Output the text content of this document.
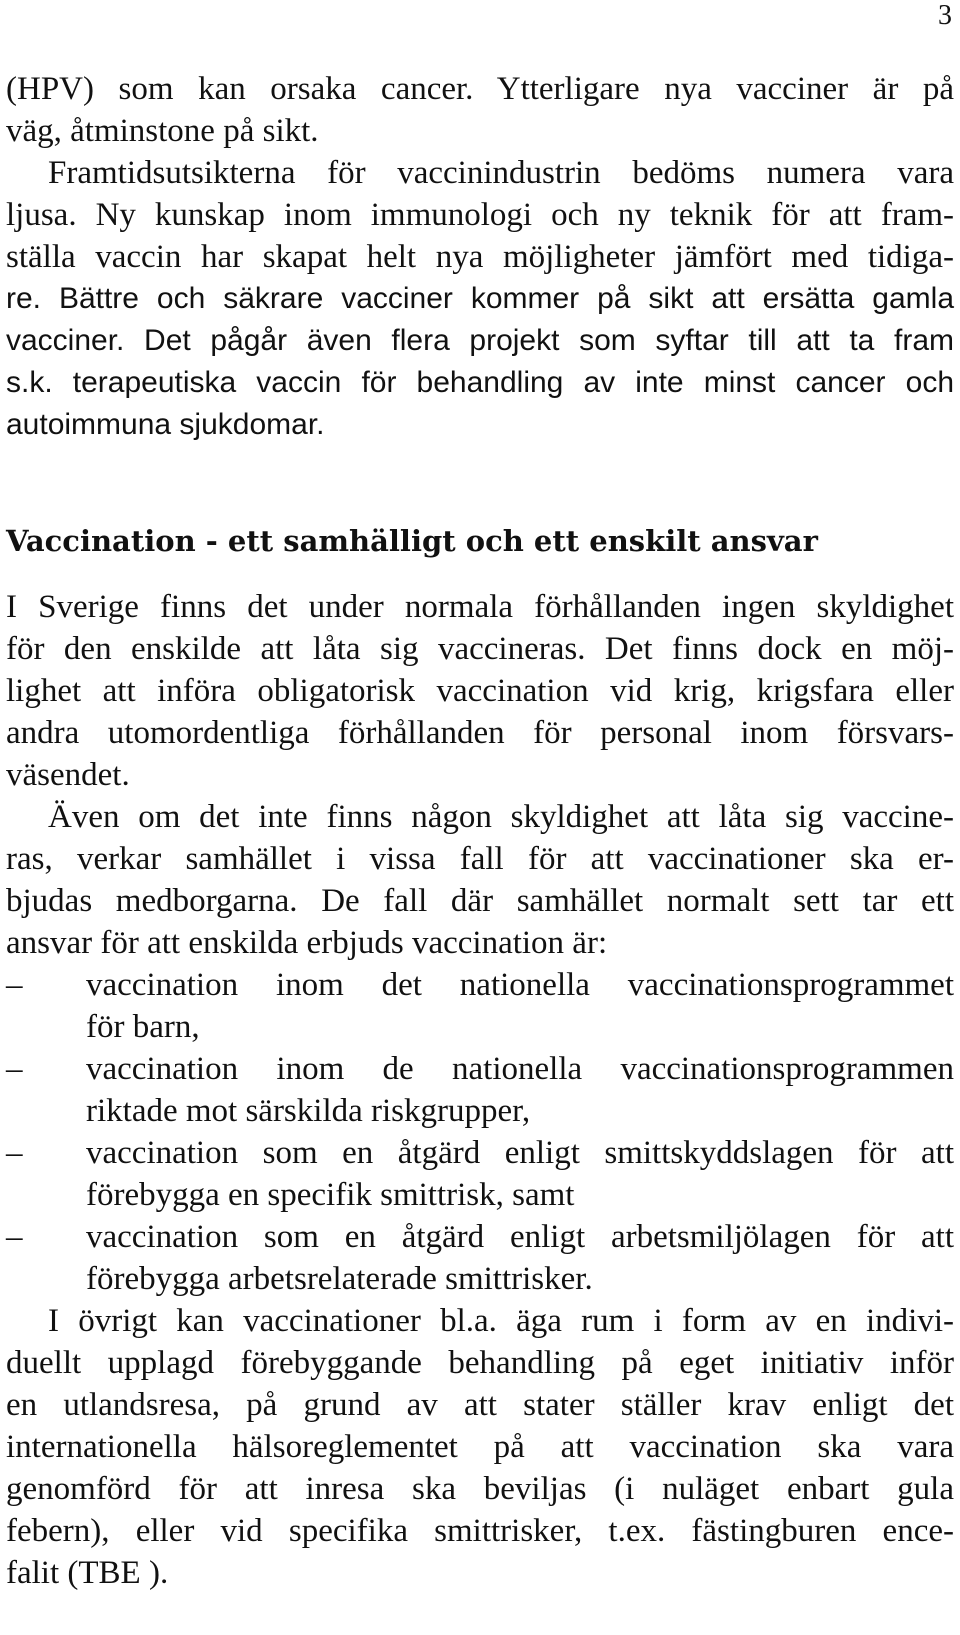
3
(HPV) som kan orsaka cancer. Ytterligare nya vacciner är på
väg, åtminstone på sikt.
Framtidsutsikterna för vaccinindustrin bedöms numera vara
ljusa. Ny kunskap inom immunologi och ny teknik för att fram-
ställa vaccin har skapat helt nya möjligheter jämfört med tidiga-
re. Bättre och säkrare vacciner kommer på sikt att ersätta gamla
vacciner. Det pågår även flera projekt som syftar till att ta fram
s.k. terapeutiska vaccin för behandling av inte minst cancer och
autoimmuna sjukdomar.
Vaccination - ett samhälligt och ett enskilt ansvar
I Sverige finns det under normala förhållanden ingen skyldighet
för den enskilde att låta sig vaccineras. Det finns dock en möj-
lighet att införa obligatorisk vaccination vid krig, krigsfara eller
andra utomordentliga förhållanden för personal inom försvars-
väsendet.
Även om det inte finns någon skyldighet att låta sig vaccine-
ras, verkar samhället i vissa fall för att vaccinationer ska er-
bjudas medborgarna. De fall där samhället normalt sett tar ett
ansvar för att enskilda erbjuds vaccination är:
– vaccination inom det nationella vaccinationsprogrammet
för barn,
– vaccination inom de nationella vaccinationsprogrammen
riktade mot särskilda riskgrupper,
– vaccination som en åtgärd enligt smittskyddslagen för att
förebygga en specifik smittrisk, samt
– vaccination som en åtgärd enligt arbetsmiljölagen för att
förebygga arbetsrelaterade smittrisker.
I övrigt kan vaccinationer bl.a. äga rum i form av en indivi-
duellt upplagd förebyggande behandling på eget initiativ inför
en utlandsresa, på grund av att stater ställer krav enligt det
internationella hälsoreglementet på att vaccination ska vara
genomförd för att inresa ska beviljas (i nuläget enbart gula
febern), eller vid specifika smittrisker, t.ex. fästingburen ence-
falit (TBE ).
